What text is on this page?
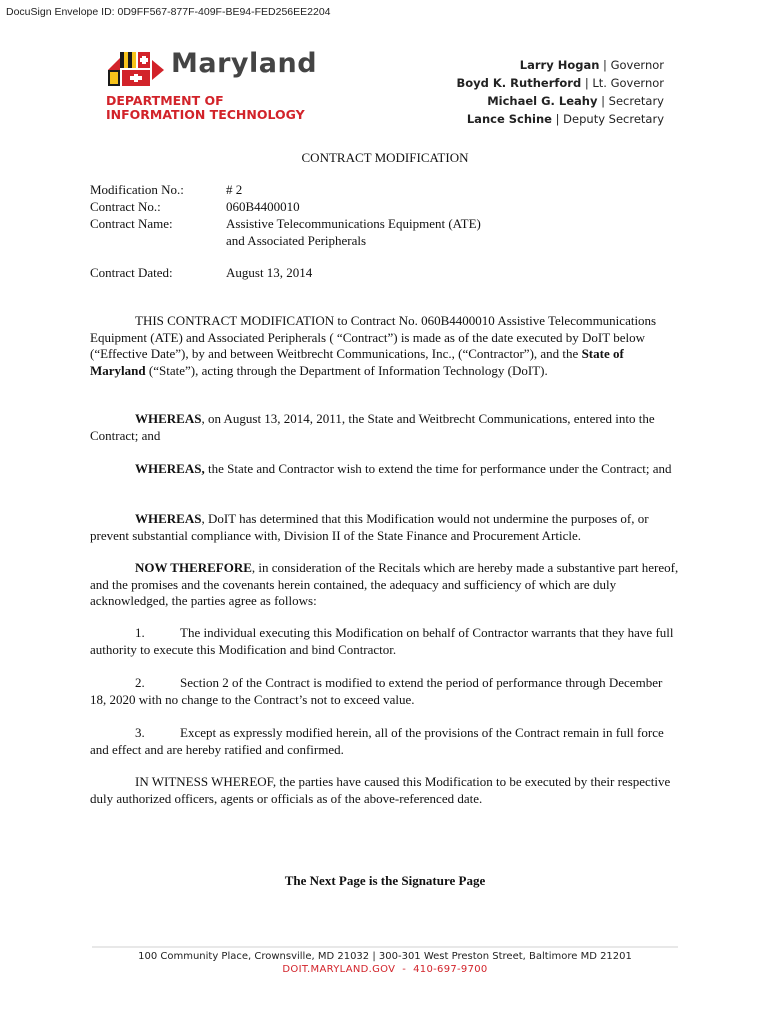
DocuSign Envelope ID: 0D9FF567-877F-409F-BE94-FED256EE2204
Maryland
DEPARTMENT OF
INFORMATION TECHNOLOGY
Larry Hogan | Governor
Boyd K. Rutherford | Lt. Governor
Michael G. Leahy | Secretary
Lance Schine | Deputy Secretary
CONTRACT MODIFICATION
Modification No.:	# 2
Contract No.:	060B4400010
Contract Name:	Assistive Telecommunications Equipment (ATE)
and Associated Peripherals
Contract Dated:	August 13, 2014

THIS CONTRACT MODIFICATION to Contract No. 060B4400010 Assistive Telecommunications Equipment (ATE) and Associated Peripherals ( “Contract”) is made as of the date executed by DoIT below (“Effective Date”), by and between Weitbrecht Communications, Inc., (“Contractor”), and the State of Maryland (“State”), acting through the Department of Information Technology (DoIT).

WHEREAS, on August 13, 2014, 2011, the State and Weitbrecht Communications, entered into the Contract; and

WHEREAS, the State and Contractor wish to extend the time for performance under the Contract; and

WHEREAS, DoIT has determined that this Modification would not undermine the purposes of, or prevent substantial compliance with, Division II of the State Finance and Procurement Article.

NOW THEREFORE, in consideration of the Recitals which are hereby made a substantive part hereof, and the promises and the covenants herein contained, the adequacy and sufficiency of which are duly acknowledged, the parties agree as follows:

1.	The individual executing this Modification on behalf of Contractor warrants that they have full authority to execute this Modification and bind Contractor.

2.	Section 2 of the Contract is modified to extend the period of performance through December 18, 2020 with no change to the Contract’s not to exceed value.

3.	Except as expressly modified herein, all of the provisions of the Contract remain in full force and effect and are hereby ratified and confirmed.

IN WITNESS WHEREOF, the parties have caused this Modification to be executed by their respective duly authorized officers, agents or officials as of the above-referenced date.

The Next Page is the Signature Page
100 Community Place, Crownsville, MD 21032 | 300-301 West Preston Street, Baltimore MD 21201
DOIT.MARYLAND.GOV  -  410-697-9700
